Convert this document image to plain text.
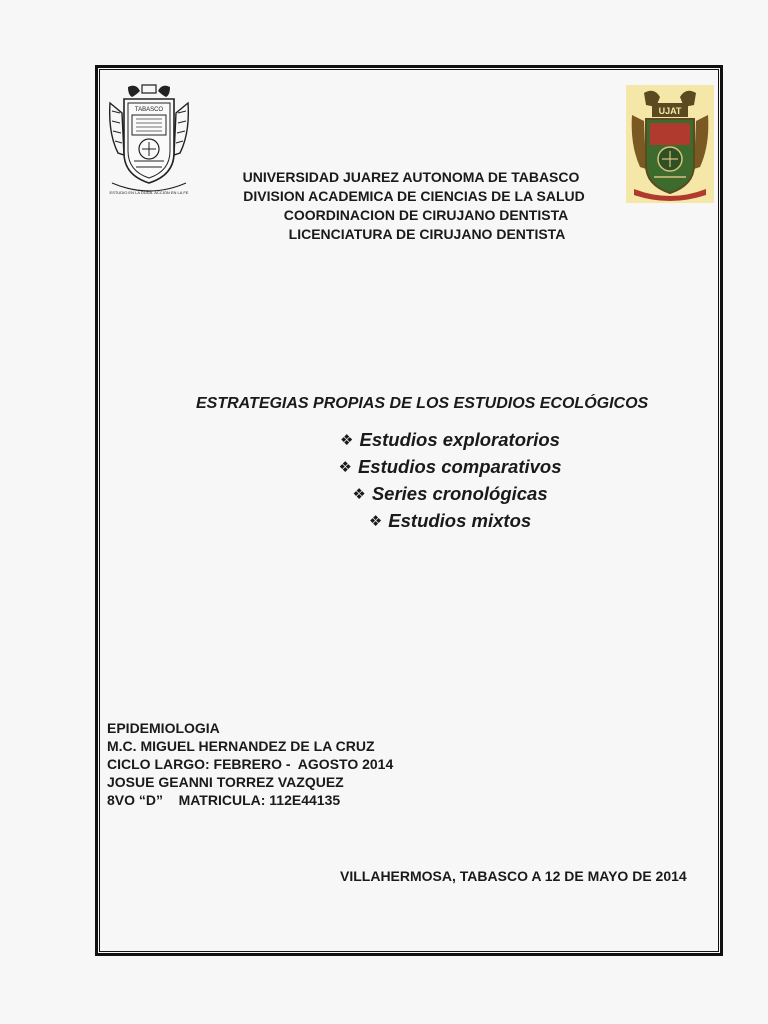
TABASCO
ESTUDIO EN LA DUDA. ACCIÓN EN LA FE
UJAT
UNIVERSIDAD JUAREZ AUTONOMA DE TABASCO
DIVISION ACADEMICA DE CIENCIAS DE LA SALUD
COORDINACION DE CIRUJANO DENTISTA
LICENCIATURA DE CIRUJANO DENTISTA
ESTRATEGIAS PROPIAS DE LOS ESTUDIOS ECOLÓGICOS
❖ Estudios exploratorios
❖ Estudios comparativos
❖ Series cronológicas
❖ Estudios mixtos
EPIDEMIOLOGIA
M.C. MIGUEL HERNANDEZ DE LA CRUZ
CICLO LARGO: FEBRERO -  AGOSTO 2014
JOSUE GEANNI TORREZ VAZQUEZ
8VO “D”    MATRICULA: 112E44135
VILLAHERMOSA, TABASCO A 12 DE MAYO DE 2014
